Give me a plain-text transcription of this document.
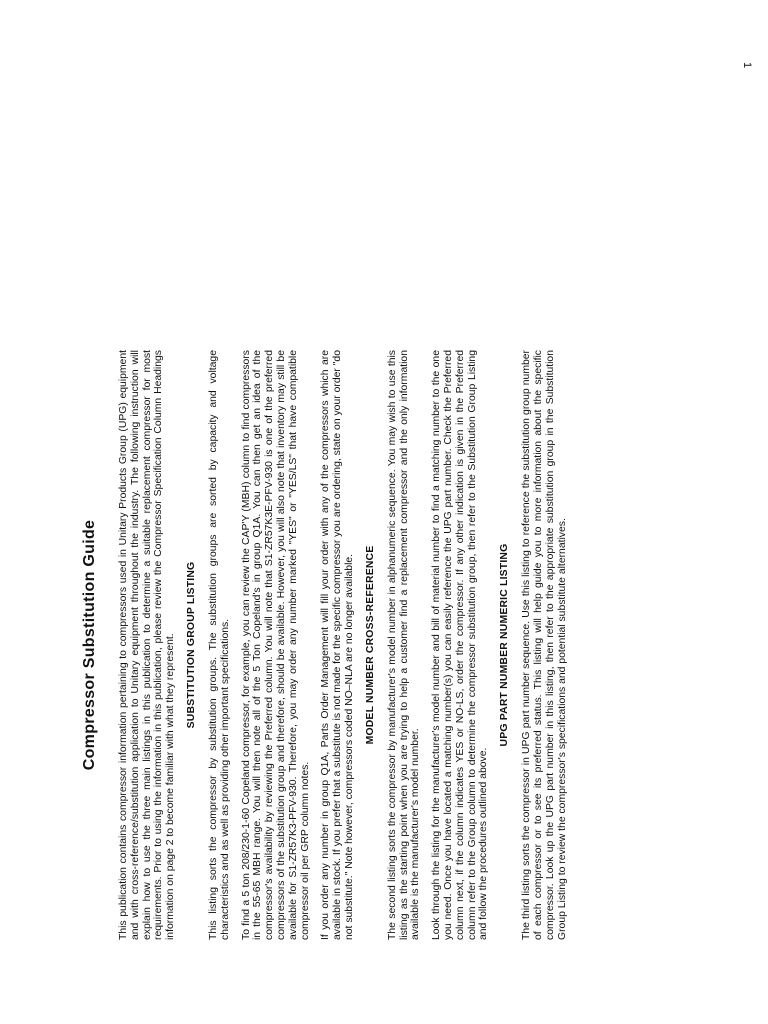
1
Compressor Substitution Guide This publication contains compressor information pertaining to compressors used in Unitary Products Group (UPG) equipment and with cross-reference/substitution application to Unitary equipment throughout the industry. The following instruction will explain how to use the three main listings in this publication to determine a suitable replacement compressor for most requirements. Prior to using the information in this publication, please review the Compressor Specification Column Headings information on page 2 to become familiar with what they represent. SUBSTITUTION GROUP LISTING This listing sorts the compressor by substitution groups. The substitution groups are sorted by capacity and voltage characteristics and as well as providing other important specifications. To find a 5 ton 208/230-1-60 Copeland compressor, for example, you can review the CAP'Y (MBH) column to find compressors in the 55-65 MBH range. You will then note all of the 5 Ton Copeland's in group Q1A. You can then get an idea of the compressor's availability by reviewing the Preferred column. You will note that S1-ZR57K3E-PFV-930 is one of the preferred compressors of the substitution group and therefore, should be available. However, you will also note that inventory may still be available for S1-ZR57K3-PFV-930. Therefore, you may order any number marked "YES" or "YES/LS" that have compatible compressor oil per GRP column notes. If you order any number in group Q1A, Parts Order Management will fill your order with any of the compressors which are available in stock. If you prefer that a substitute is not made for the specific compressor you are ordering, state on your order "do not substitute." Note however, compressors coded NO–NLA are no longer available. MODEL NUMBER CROSS-REFERENCE The second listing sorts the compressor by manufacturer's model number in alphanumeric sequence. You may wish to use this listing as the starting point when you are trying to help a customer find a replacement compressor and the only information available is the manufacturer's model number. Look through the listing for the manufacturer's model number and bill of material number to find a matching number to the one you need. Once you have located a matching number(s) you can easily reference the UPG part number. Check the Preferred column next, if the column indicates YES or NO-LS, order the compressor. If any other indication is given in the Preferred column refer to the Group column to determine the compressor substitution group, then refer to the Substitution Group Listing and follow the procedures outlined above.

UPG PART NUMBER NUMERIC LISTING The third listing sorts the compressor in UPG part number sequence. Use this listing to reference the substitution group number of each compressor or to see its preferred status. This listing will help guide you to more information about the specific compressor. Look up the UPG part number in this listing, then refer to the appropriate substitution group in the Substitution Group Listing to review the compressor's specifications and potential substitute alternatives.
